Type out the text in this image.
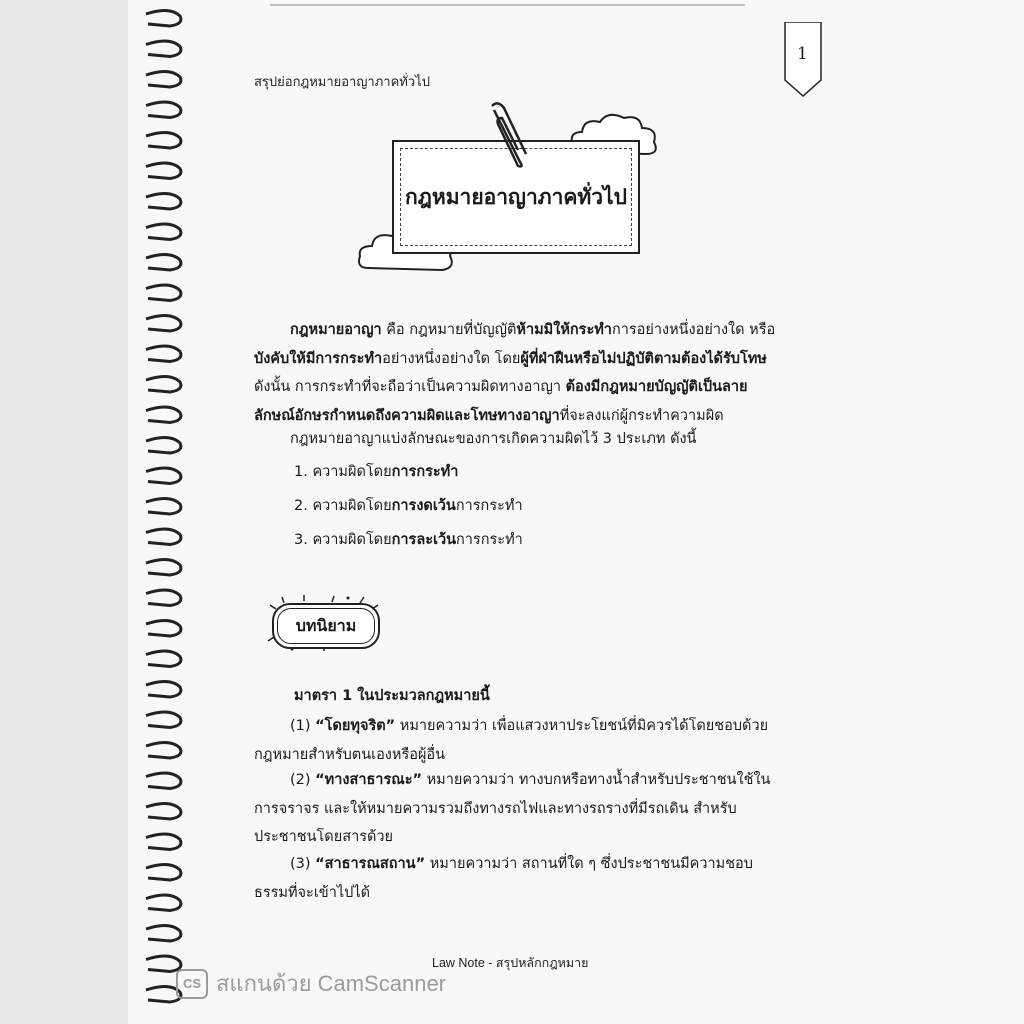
1
สรุปย่อกฎหมายอาญาภาคทั่วไป
กฎหมายอาญาภาคทั่วไป
กฎหมายอาญา คือ กฎหมายที่บัญญัติห้ามมิให้กระทำการอย่างหนึ่งอย่างใด หรือบังคับให้มีการกระทำอย่างหนึ่งอย่างใด โดยผู้ที่ฝ่าฝืนหรือไม่ปฏิบัติตามต้องได้รับโทษ ดังนั้น การกระทำที่จะถือว่าเป็นความผิดทางอาญา ต้องมีกฎหมายบัญญัติเป็นลายลักษณ์อักษรกำหนดถึงความผิดและโทษทางอาญาที่จะลงแก่ผู้กระทำความผิด
กฎหมายอาญาแบ่งลักษณะของการเกิดความผิดไว้ 3 ประเภท ดังนี้
1. ความผิดโดยการกระทำ
2. ความผิดโดยการงดเว้นการกระทำ
3. ความผิดโดยการละเว้นการกระทำ
บทนิยาม
มาตรา 1 ในประมวลกฎหมายนี้
(1) “โดยทุจริต” หมายความว่า เพื่อแสวงหาประโยชน์ที่มิควรได้โดยชอบด้วยกฎหมายสำหรับตนเองหรือผู้อื่น
(2) “ทางสาธารณะ” หมายความว่า ทางบกหรือทางน้ำสำหรับประชาชนใช้ในการจราจร และให้หมายความรวมถึงทางรถไฟและทางรถรางที่มีรถเดิน สำหรับประชาชนโดยสารด้วย
(3) “สาธารณสถาน” หมายความว่า สถานที่ใด ๆ ซึ่งประชาชนมีความชอบธรรมที่จะเข้าไปได้
Law Note - สรุปหลักกฎหมาย
CS สแกนด้วย CamScanner
